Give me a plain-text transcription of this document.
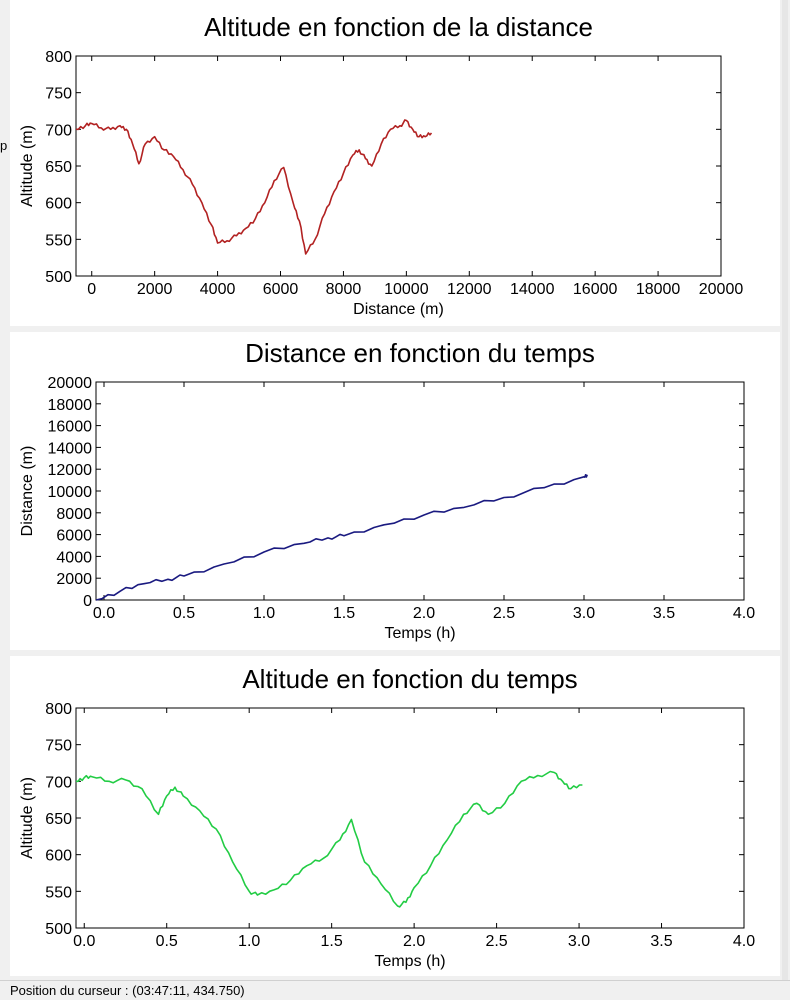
p
Altitude en fonction de la distance
500
550
600
650
700
750
800
0	2000 4000 6000 8000 10000 12000 14000 16000 18000 20000
Distance (m)
Altitude (m)
Distance en fonction du temps
0
2000
4000
6000
8000
10000
12000
14000
16000
18000
20000
0.0	0.5	1.0	1.5	2.0	2.5	3.0	3.5	4.0
Temps (h)
Distance (m)
Altitude en fonction du temps
500
550
600
650
700
750
800
0.0	0.5	1.0	1.5	2.0	2.5	3.0	3.5	4.0
Temps (h)
Altitude (m)
Position du curseur : (03:47:11, 434.750)
